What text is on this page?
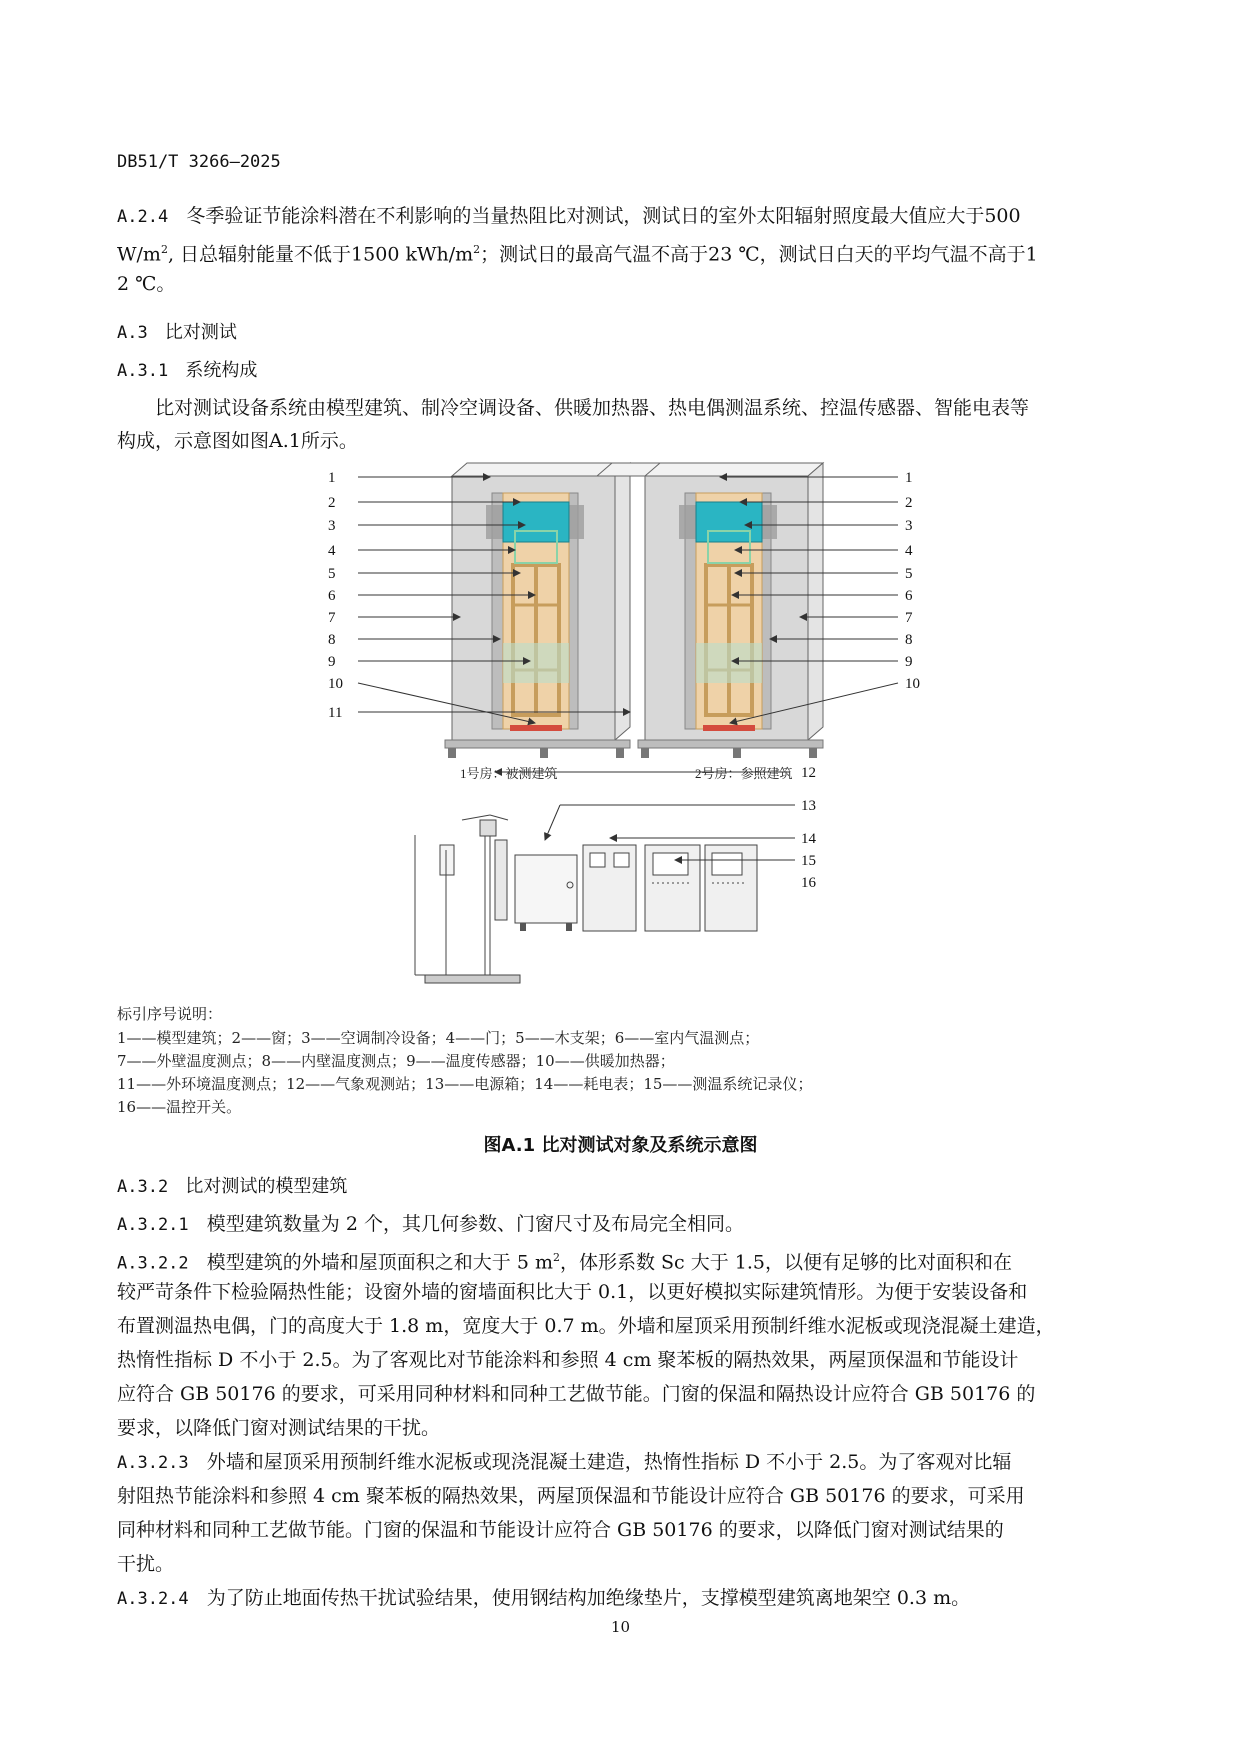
DB51/T 3266—2025
A.2.4 冬季验证节能涂料潜在不利影响的当量热阻比对测试，测试日的室外太阳辐射照度最大值应大于500
$W/m^2$, 日总辐射能量不低于1500 kWh/$m^2$；测试日的最高气温不高于23 ℃，测试日白天的平均气温不高于1
2 ℃。
A.3 比对测试
A.3.1 系统构成
比对测试设备系统由模型建筑、制冷空调设备、供暖加热器、热电偶测温系统、控温传感器、智能电表等
构成，示意图如图A.1所示。
1号房：被测建筑	2号房：参照建筑
1
2
3
4
5
6
7
8
9
10
11
1
2
3
4
5
6
7
8
9
10
12
13
14
15
16
标引序号说明：
1——模型建筑；2——窗；3——空调制冷设备；4——门；5——木支架；6——室内气温测点；
7——外壁温度测点；8——内壁温度测点；9——温度传感器；10——供暖加热器；
11——外环境温度测点；12——气象观测站；13——电源箱；14——耗电表；15——测温系统记录仪；
16——温控开关。
图A.1 比对测试对象及系统示意图
A.3.2 比对测试的模型建筑
A.3.2.1 模型建筑数量为 2 个，其几何参数、门窗尺寸及布局完全相同。
A.3.2.2 模型建筑的外墙和屋顶面积之和大于 5 $m^2$，体形系数 Sc 大于 1.5，以便有足够的比对面积和在
较严苛条件下检验隔热性能；设窗外墙的窗墙面积比大于 0.1，以更好模拟实际建筑情形。为便于安装设备和
布置测温热电偶，门的高度大于 1.8 m，宽度大于 0.7 m。外墙和屋顶采用预制纤维水泥板或现浇混凝土建造，
热惰性指标 D 不小于 2.5。为了客观比对节能涂料和参照 4 cm 聚苯板的隔热效果，两屋顶保温和节能设计
应符合 GB 50176 的要求，可采用同种材料和同种工艺做节能。门窗的保温和隔热设计应符合 GB 50176 的
要求，以降低门窗对测试结果的干扰。
A.3.2.3 外墙和屋顶采用预制纤维水泥板或现浇混凝土建造，热惰性指标 D 不小于 2.5。为了客观对比辐
射阻热节能涂料和参照 4 cm 聚苯板的隔热效果，两屋顶保温和节能设计应符合 GB 50176 的要求，可采用
同种材料和同种工艺做节能。门窗的保温和节能设计应符合 GB 50176 的要求，以降低门窗对测试结果的
干扰。
A.3.2.4 为了防止地面传热干扰试验结果，使用钢结构加绝缘垫片，支撑模型建筑离地架空 0.3 m。
10
